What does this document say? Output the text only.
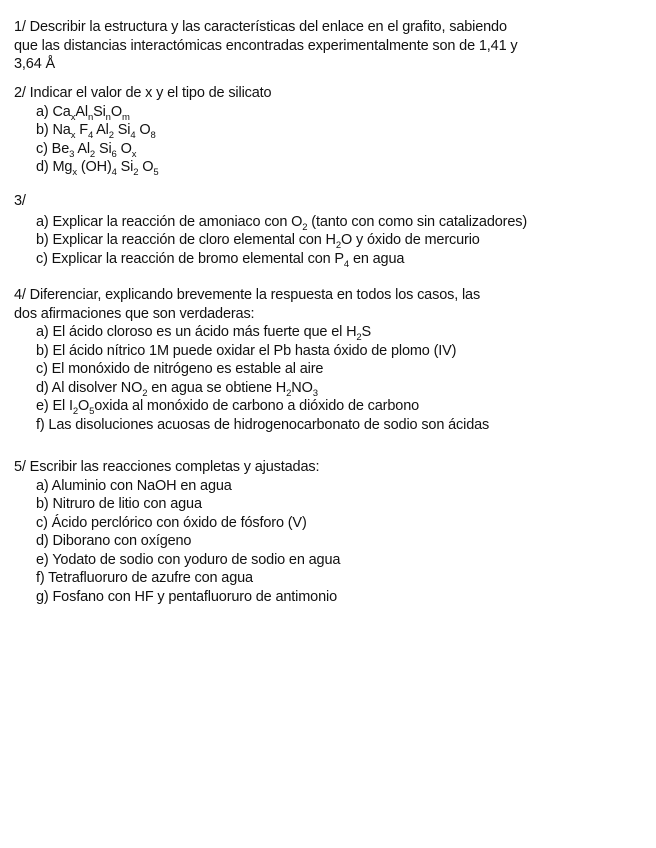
1/ Describir la estructura y las características del enlace en el grafito, sabiendo

que las distancias interactómicas encontradas experimentalmente son de 1,41 y

3,64 Å

2/ Indicar el valor de x y el tipo de silicato

a) $Ca_xAl_nSi_nO_m$

b) $Na_x$ $F_4$ $Al_2$ $Si_4$ $O_8$

c) $Be_3$ $Al_2$ $Si_6$ $O_x$

d) $Mg_x$ $(OH)_4$ $Si_2$ $O_5$

3/

a) Explicar la reacción de amoniaco con $O_2$ (tanto con como sin catalizadores)

b) Explicar la reacción de cloro elemental con $H_2O$ y óxido de mercurio

c) Explicar la reacción de bromo elemental con $P_4$ en agua

4/ Diferenciar, explicando brevemente la respuesta en todos los casos, las

dos afirmaciones que son verdaderas:

a) El ácido cloroso es un ácido más fuerte que el $H_2S$

b) El ácido nítrico 1M puede oxidar el Pb hasta óxido de plomo (IV)

c) El monóxido de nitrógeno es estable al aire

d) Al disolver $NO_2$ en agua se obtiene $H_2NO_3$

e) El $I_2O_5oxida$ al monóxido de carbono a dióxido de carbono

f) Las disoluciones acuosas de hidrogenocarbonato de sodio son ácidas

5/ Escribir las reacciones completas y ajustadas:

a) Aluminio con NaOH en agua

b) Nitruro de litio con agua

c) Ácido perclórico con óxido de fósforo (V)

d) Diborano con oxígeno

e) Yodato de sodio con yoduro de sodio en agua

f) Tetrafluoruro de azufre con agua

g) Fosfano con HF y pentafluoruro de antimonio
